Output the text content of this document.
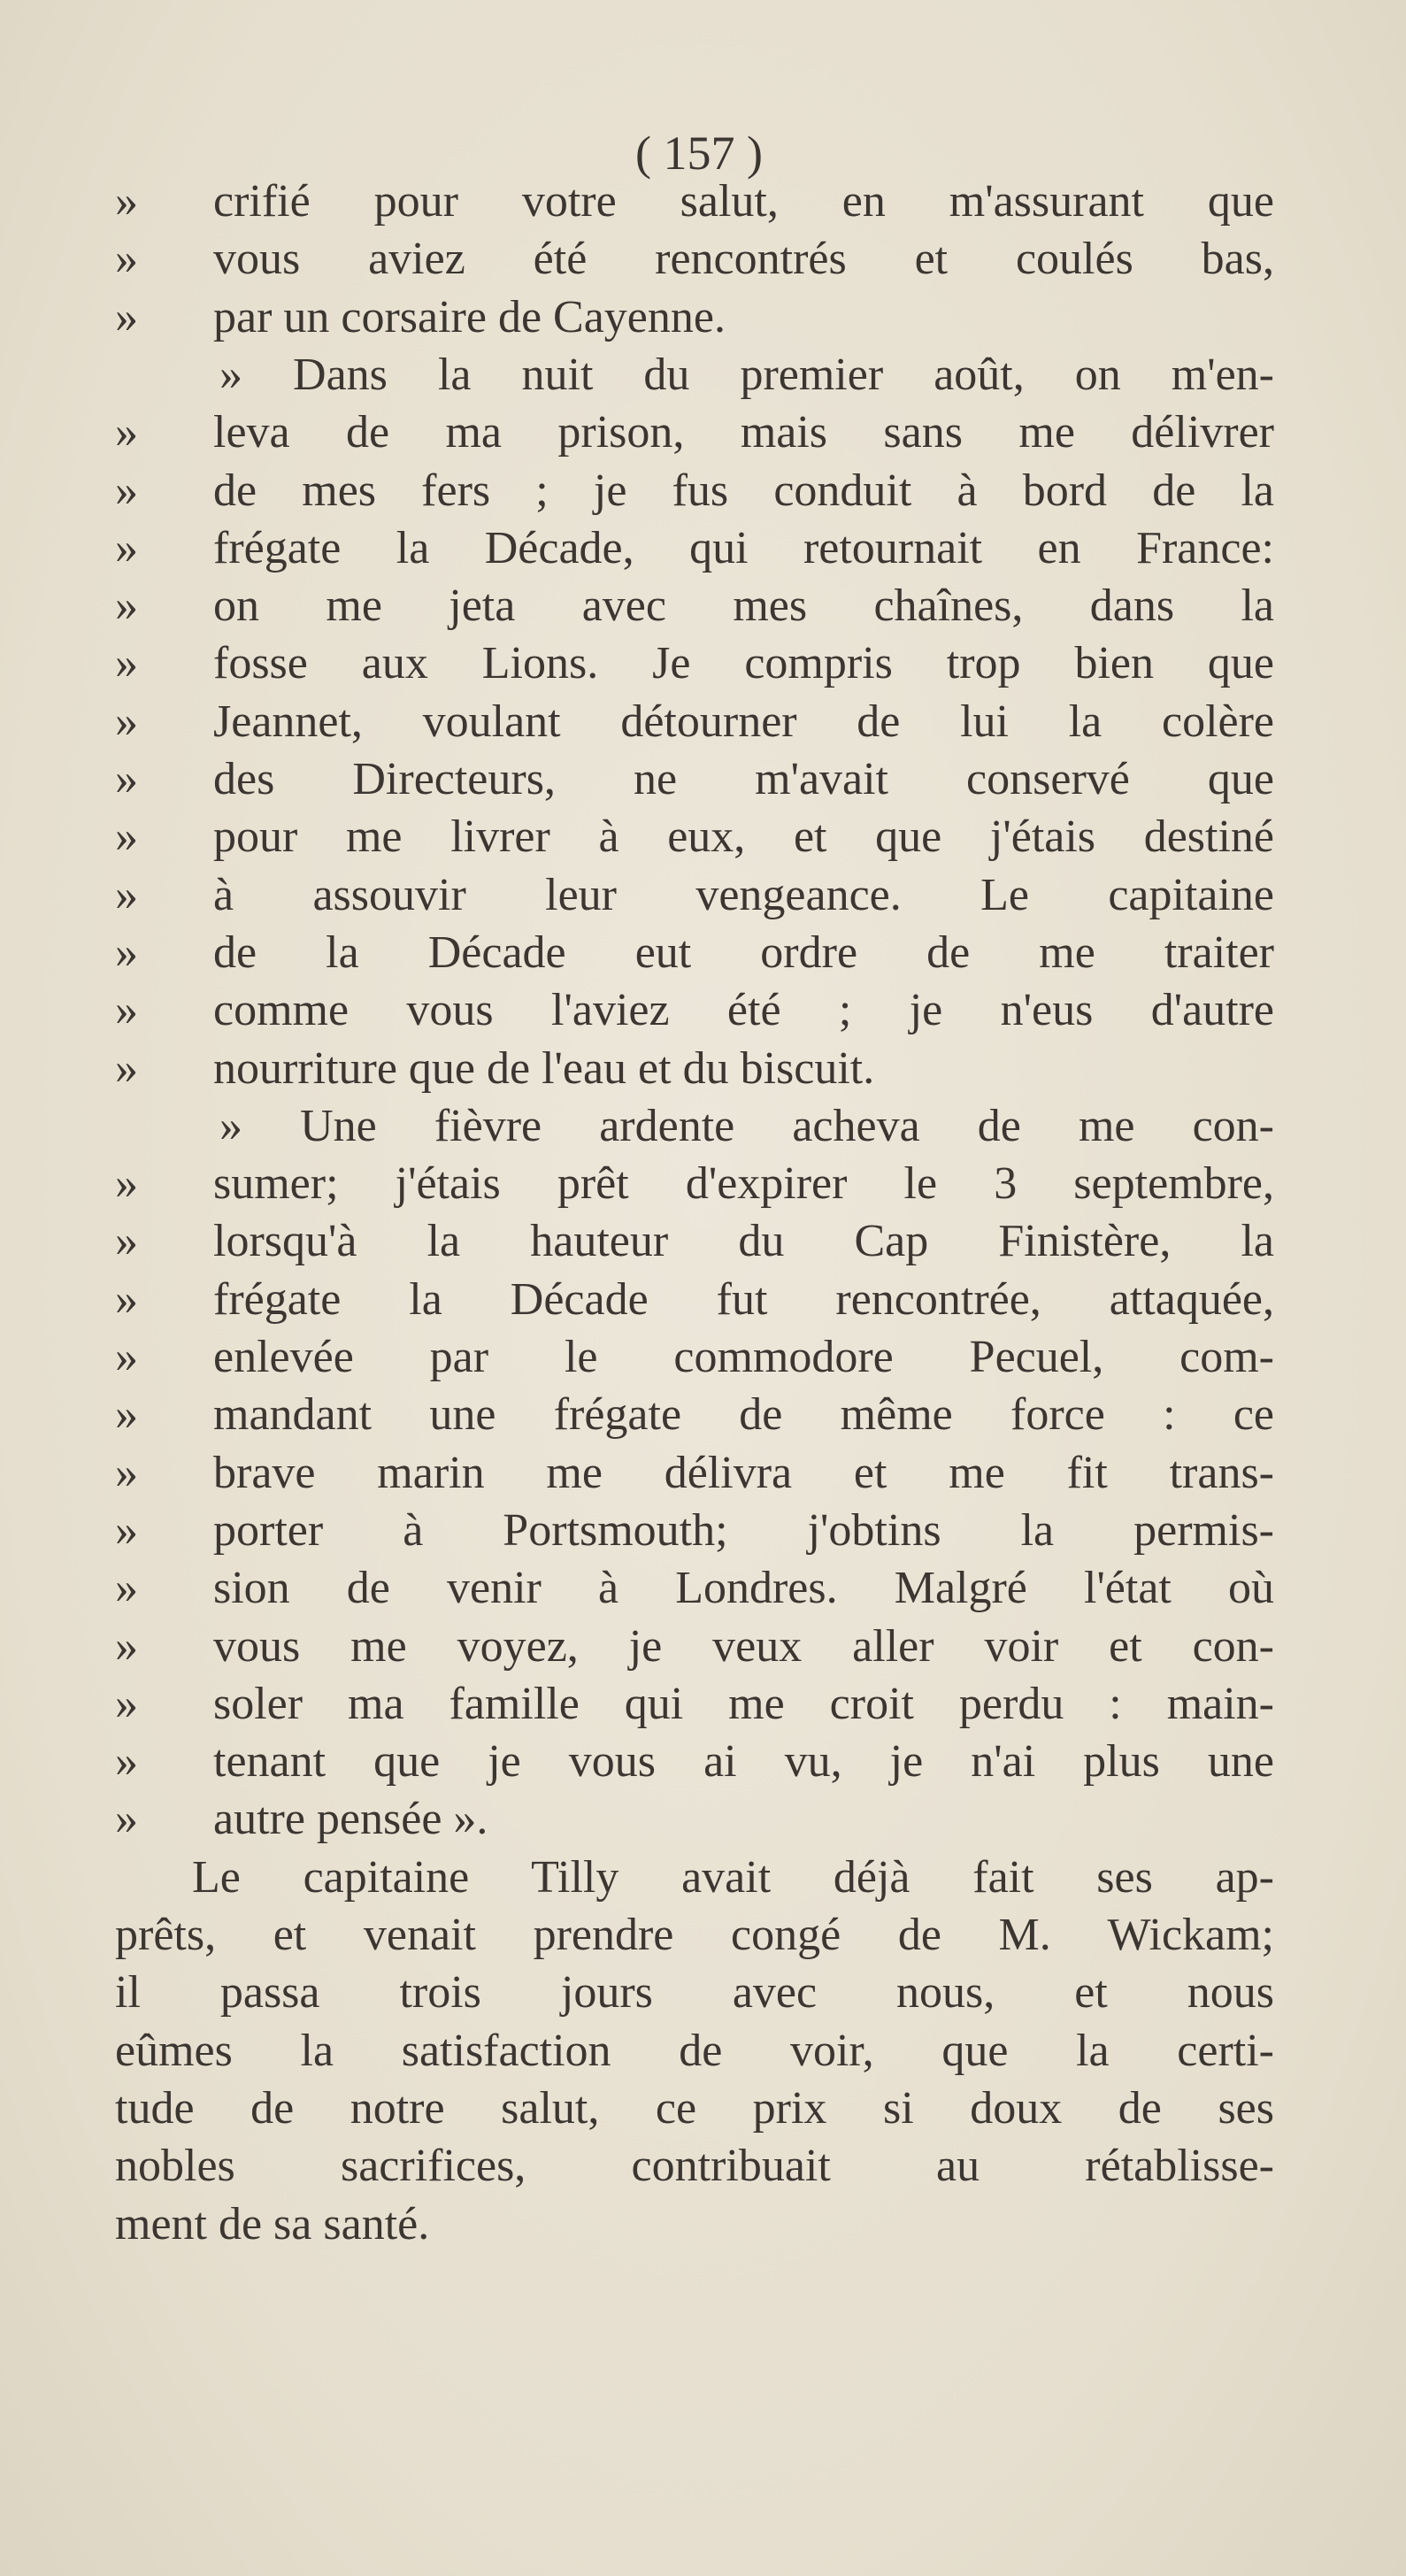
( 157 )
»	crifié pour votre salut, en m'assurant que
»	vous aviez été rencontrés et coulés bas,
»	par un corsaire de Cayenne.
» Dans la nuit du premier août, on m'en-
»	leva de ma prison, mais sans me délivrer
»	de mes fers ; je fus conduit à bord de la
»	frégate la Décade, qui retournait en France:
»	on me jeta avec mes chaînes, dans la
»	fosse aux Lions. Je compris trop bien que
»	Jeannet, voulant détourner de lui la colère
»	des Directeurs, ne m'avait conservé que
»	pour me livrer à eux, et que j'étais destiné
»	à assouvir leur vengeance. Le capitaine
»	de la Décade eut ordre de me traiter
»	comme vous l'aviez été ; je n'eus d'autre
»	nourriture que de l'eau et du biscuit.
» Une fièvre ardente acheva de me con-
»	sumer; j'étais prêt d'expirer le 3 septembre,
»	lorsqu'à la hauteur du Cap Finistère, la
»	frégate la Décade fut rencontrée, attaquée,
»	enlevée par le commodore Pecuel, com-
»	mandant une frégate de même force : ce
»	brave marin me délivra et me fit trans-
»	porter à Portsmouth; j'obtins la permis-
»	sion de venir à Londres. Malgré l'état où
»	vous me voyez, je veux aller voir et con-
»	soler ma famille qui me croit perdu : main-
»	tenant que je vous ai vu, je n'ai plus une
»	autre pensée ».
Le capitaine Tilly avait déjà fait ses ap-
prêts, et venait prendre congé de M. Wickam;
il passa trois jours avec nous, et nous
eûmes la satisfaction de voir, que la certi-
tude de notre salut, ce prix si doux de ses
nobles sacrifices, contribuait au rétablisse-
ment de sa santé.
